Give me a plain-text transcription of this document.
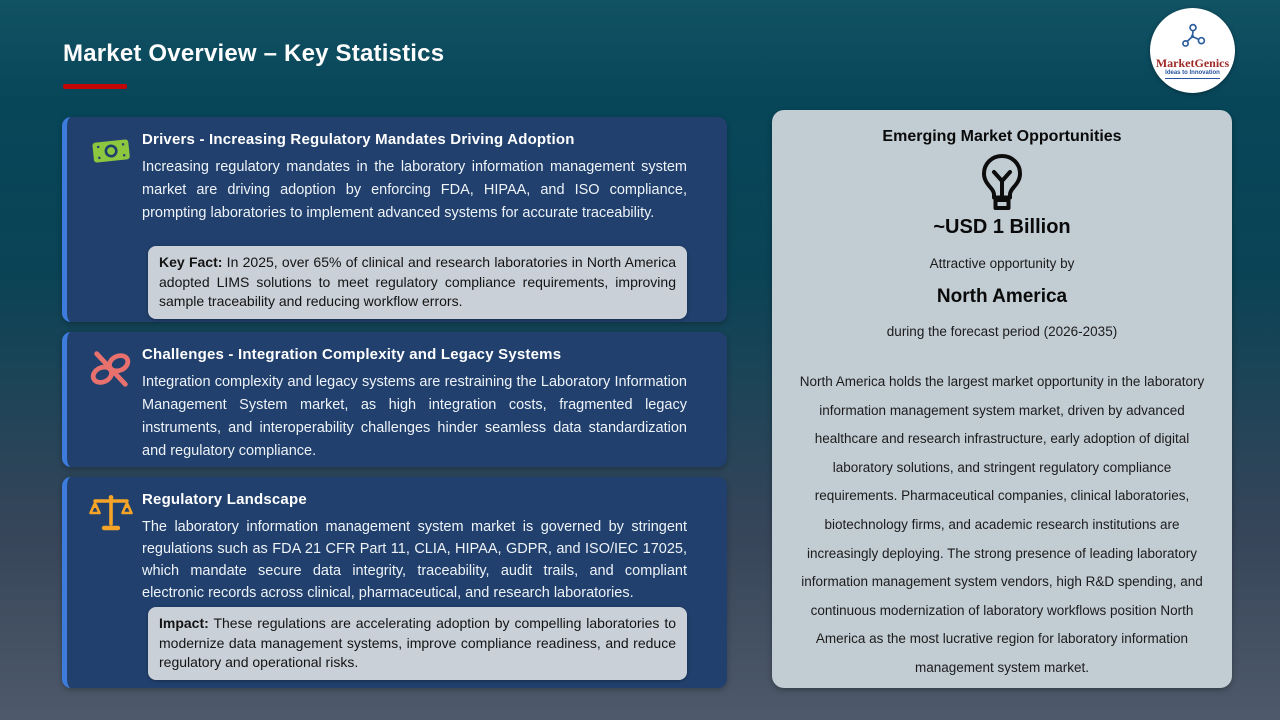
Market Overview – Key Statistics	MarketGenics
Ideas to Innovation
Drivers - Increasing Regulatory Mandates Driving Adoption

Increasing regulatory mandates in the laboratory information management system market are driving adoption by enforcing FDA, HIPAA, and ISO compliance, prompting laboratories to implement advanced systems for accurate traceability.

Key Fact: In 2025, over 65% of clinical and research laboratories in North America adopted LIMS solutions to meet regulatory compliance requirements, improving sample traceability and reducing workflow errors.
Challenges - Integration Complexity and Legacy Systems

Integration complexity and legacy systems are restraining the Laboratory Information Management System market, as high integration costs, fragmented legacy instruments, and interoperability challenges hinder seamless data standardization and regulatory compliance.

Regulatory Landscape

The laboratory information management system market is governed by stringent regulations such as FDA 21 CFR Part 11, CLIA, HIPAA, GDPR, and ISO/IEC 17025, which mandate secure data integrity, traceability, audit trails, and compliant electronic records across clinical, pharmaceutical, and research laboratories.

Impact: These regulations are accelerating adoption by compelling laboratories to modernize data management systems, improve compliance readiness, and reduce regulatory and operational risks.
Emerging Market Opportunities
~USD 1 Billion
Attractive opportunity by
North America
during the forecast period (2026-2035)
North America holds the largest market opportunity in the laboratory information management system market, driven by advanced healthcare and research infrastructure, early adoption of digital laboratory solutions, and stringent regulatory compliance requirements. Pharmaceutical companies, clinical laboratories, biotechnology firms, and academic research institutions are increasingly deploying. The strong presence of leading laboratory information management system vendors, high R&D spending, and continuous modernization of laboratory workflows position North America as the most lucrative region for laboratory information management system market.
